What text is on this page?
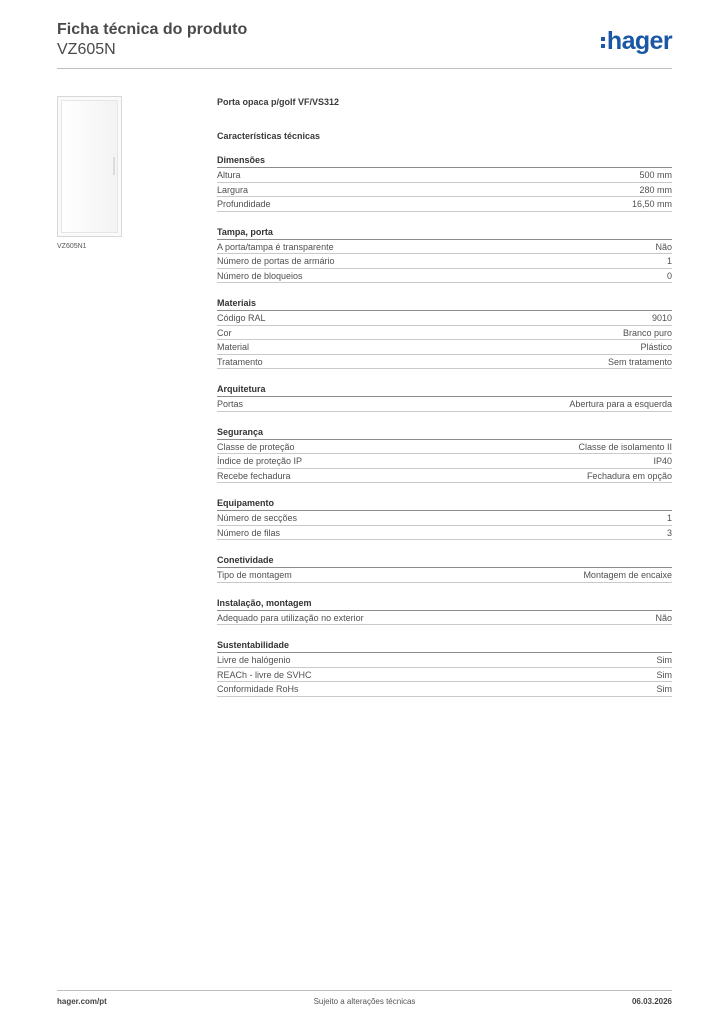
Ficha técnica do produto
VZ605N	hager
VZ605N1
Porta opaca p/golf VF/VS312
Características técnicas
Dimensões
Altura	500 mm
Largura	280 mm
Profundidade	16,50 mm
Tampa, porta
A porta/tampa é transparente	Não
Número de portas de armário	1
Número de bloqueios	0
Materiais
Código RAL	9010
Cor	Branco puro
Material	Plástico
Tratamento	Sem tratamento
Arquitetura
Portas	Abertura para a esquerda
Segurança
Classe de proteção	Classe de isolamento II
Índice de proteção IP	IP40
Recebe fechadura	Fechadura em opção
Equipamento
Número de secções	1
Número de filas	3
Conetividade
Tipo de montagem	Montagem de encaixe
Instalação, montagem
Adequado para utilização no exterior	Não
Sustentabilidade
Livre de halógenio	Sim
REACh - livre de SVHC	Sim
Conformidade RoHs	Sim
hager.com/pt	Sujeito a alterações técnicas	06.03.2026
